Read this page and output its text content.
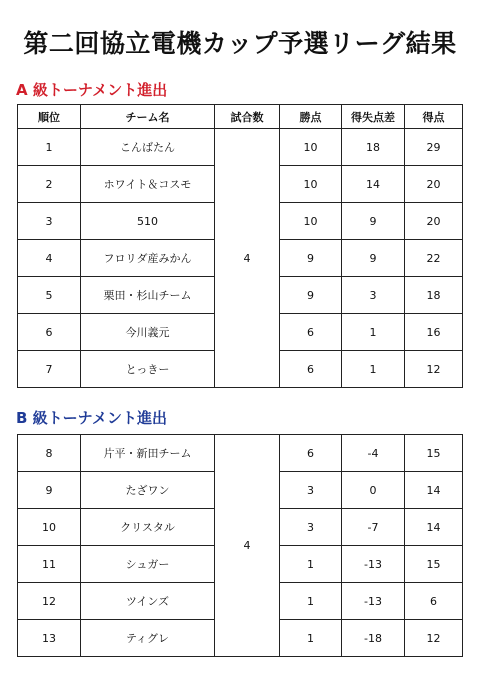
第二回協立電機カップ予選リーグ結果
A 級トーナメント進出
順位	チーム名	試合数	勝点	得失点差	得点
1	こんばたん	4	10	18	29
2	ホワイト＆コスモ		10	14	20
3	510		10	9	20
4	フロリダ産みかん		9	9	22
5	栗田・杉山チーム		9	3	18
6	今川義元		6	1	16
7	とっきー		6	1	12
B 級トーナメント進出
8	片平・新田チーム	4	6	-4	15
9	たざワン		3	0	14
10	クリスタル		3	-7	14
11	シュガー		1	-13	15
12	ツインズ		1	-13	6
13	ティグレ		1	-18	12
